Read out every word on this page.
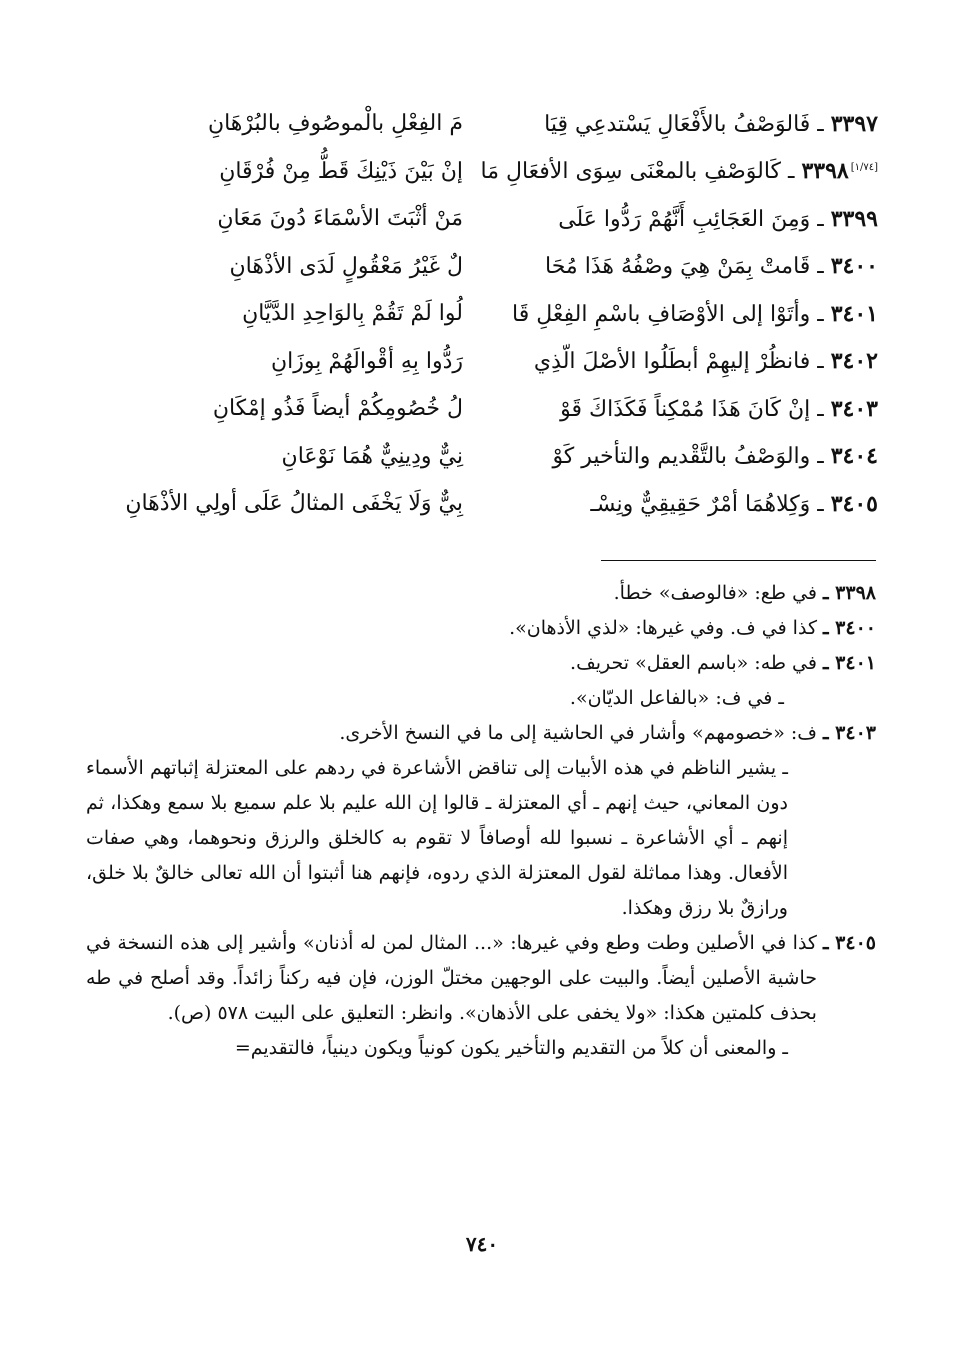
٣٣٩٧ ـ فَالوَصْفُ بالأَفْعَالِ يَسْتدعِي قِيَا
مَ الفِعْلِ بالْموصُوفِ بالبُرْهَانِ
[١/٧٤]٣٣٩٨ ـ كَالوَصْفِ بالمعْنَى سِوَى الأفعَالِ مَا
إنْ بَيْنَ ذَيْنِكَ قَطُّ مِنْ فُرْقَانِ
٣٣٩٩ ـ وَمِنَ العَجَائِبِ أَنَّهُمْ رَدُّوا عَلَى
مَنْ أثْبَتَ الأسْمَاءَ دُونَ مَعَانِ
٣٤٠٠ ـ قَامتْ بِمَنْ هِيَ وصْفُهُ هَذَا مُحَا
لٌ غَيْرُ مَعْقُولٍ لَدَى الأذْهَانِ
٣٤٠١ ـ وأتَوْا إلى الأوْصَافِ باسْمِ الفِعْلِ قَا
لُوا لَمْ تَقُمْ بِالوَاحِدِ الدَّيَّانِ
٣٤٠٢ ـ فانظُرْ إليهِمْ أبطَلُوا الأصْلَ الّذِي
رَدُّوا بِهِ أقْوالَهُمْ بِوزَانِ
٣٤٠٣ ـ إنْ كَانَ هَذَا مُمْكِناً فَكَذَاكَ قَوْ
لُ خُصُومِكُمْ أيضاً فَذُو إمْكَانِ
٣٤٠٤ ـ والوَصْفُ بالتَّقْديم والتأخير كَوْ
نِيٌّ ودِينِيٌّ هُمَا نَوْعَانِ
٣٤٠٥ ـ وَكِلاهُمَا أمْرٌ حَقِيقِيٌّ ونِسْـ
بِيٌّ وَلَا يَخْفَى المثالُ عَلَى أولِي الأذْهَانِ
٣٣٩٨ ـ
في طع: «فالوصف» خطأ.
٣٤٠٠ ـ
كذا في ف. وفي غيرها: «لذي الأذهان».
٣٤٠١ ـ
في طه: «باسم العقل» تحريف.
ـ في ف: «بالفاعل الديّان».
٣٤٠٣ ـ
ف: «خصومهم» وأشار في الحاشية إلى ما في النسخ الأخرى.
ـ يشير الناظم في هذه الأبيات إلى تناقض الأشاعرة في ردهم على المعتزلة إثباتهم الأسماء دون المعاني، حيث إنهم ـ أي المعتزلة ـ قالوا إن الله عليم بلا علم سميع بلا سمع وهكذا، ثم إنهم ـ أي الأشاعرة ـ نسبوا لله أوصافاً لا تقوم به كالخلق والرزق ونحوهما، وهي صفات الأفعال. وهذا مماثلة لقول المعتزلة الذي ردوه، فإنهم هنا أثبتوا أن الله تعالى خالقٌ بلا خلق، ورازقٌ بلا رزق وهكذا.
٣٤٠٥ ـ
كذا في الأصلين وطت وطع وفي غيرها: «... المثال لمن له أذنان» وأشير إلى هذه النسخة في حاشية الأصلين أيضاً. والبيت على الوجهين مختلّ الوزن، فإن فيه ركناً زائداً. وقد أصلح في طه بحذف كلمتين هكذا: «ولا يخفى على الأذهان». وانظر: التعليق على البيت ٥٧٨ (ص).
ـ والمعنى أن كلاً من التقديم والتأخير يكون كونياً ويكون دينياً، فالتقديم=
٧٤٠
